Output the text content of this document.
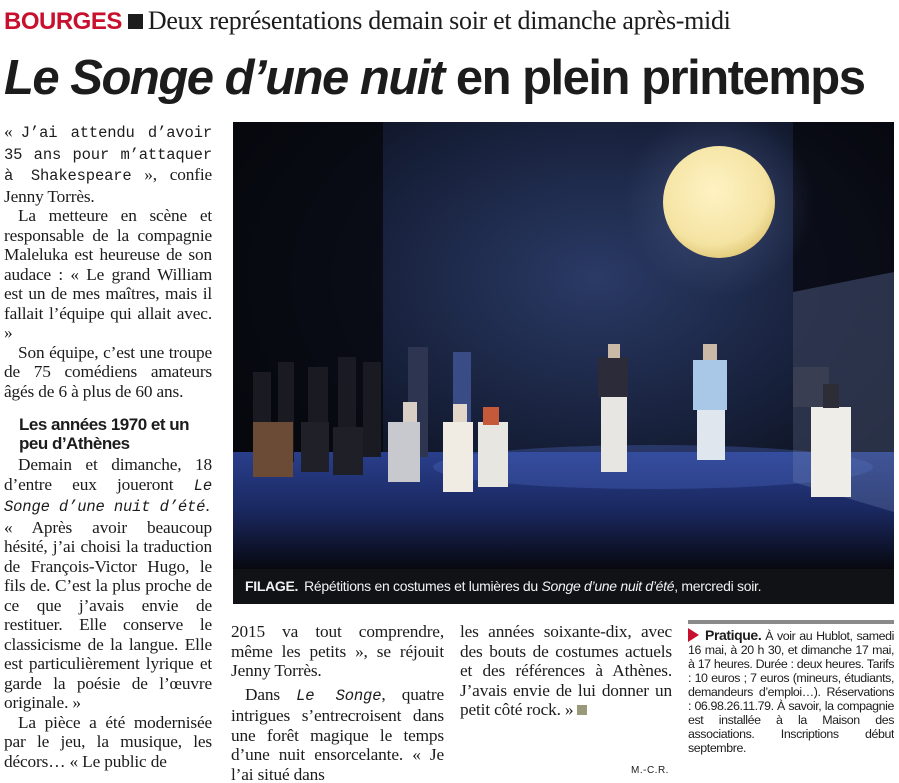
BOURGES Deux représentations demain soir et dimanche après-midi
Le Songe d’une nuit en plein printemps

« J’ai attendu d’avoir 35 ans pour m’attaquer à Shakespeare », confie Jenny Torrès.

La metteure en scène et responsable de la compagnie Maleluka est heureuse de son audace : « Le grand William est un de mes maîtres, mais il fallait l’équipe qui allait avec. »

Son équipe, c’est une troupe de 75 comédiens amateurs âgés de 6 à plus de 60 ans.

Les années 1970 et un peu d’Athènes

Demain et dimanche, 18 d’entre eux joueront Le Songe d’une nuit d’été.

« Après avoir beaucoup hésité, j’ai choisi la traduction de François-Victor Hugo, le fils de. C’est la plus proche de ce que j’avais envie de restituer. Elle conserve le classicisme de la langue. Elle est particulièrement lyrique et garde la poésie de l’œuvre originale. »

La pièce a été modernisée par le jeu, la musique, les décors… « Le public de

FILAGE. Répétitions en costumes et lumières du Songe d’une nuit d’été, mercredi soir.

2015 va tout comprendre, même les petits », se réjouit Jenny Torrès.

Dans Le Songe, quatre intrigues s’entrecroisent dans une forêt magique le temps d’une nuit ensorcelante. « Je l’ai situé dans

les années soixante-dix, avec des bouts de costumes actuels et des références à Athènes. J’avais envie de lui donner un petit côté rock. »

M.-C.R.
Pratique. À voir au Hublot, samedi 16 mai, à 20 h 30, et dimanche 17 mai, à 17 heures. Durée : deux heures. Tarifs : 10 euros ; 7 euros (mineurs, étudiants, demandeurs d’emploi…). Réservations : 06.98.26.11.79. À savoir, la compagnie est installée à la Maison des associations. Inscriptions début septembre.
